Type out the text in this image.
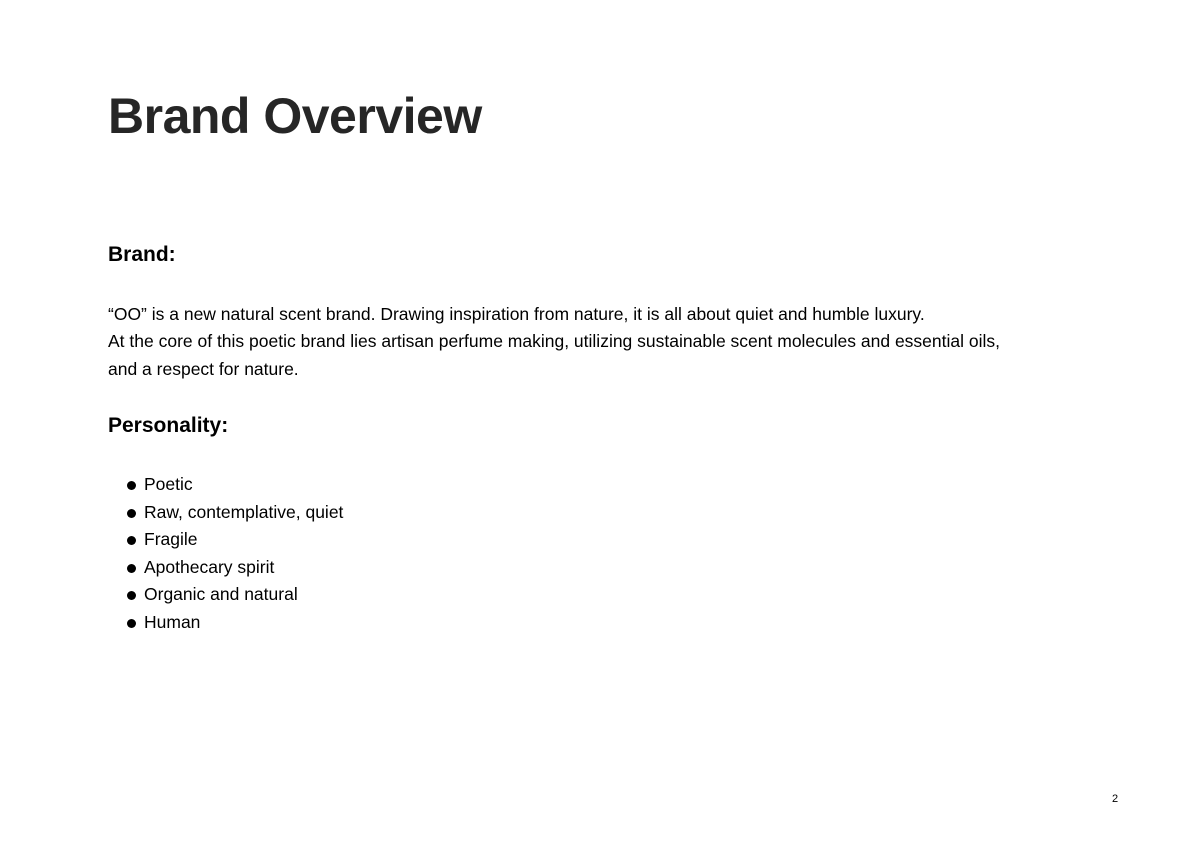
Brand Overview
Brand:

“OO” is a new natural scent brand. Drawing inspiration from nature, it is all about quiet and humble luxury.
At the core of this poetic brand lies artisan perfume making, utilizing sustainable scent molecules and essential oils,
and a respect for nature.

Personality:
Poetic
Raw, contemplative, quiet
Fragile
Apothecary spirit
Organic and natural
Human
2
